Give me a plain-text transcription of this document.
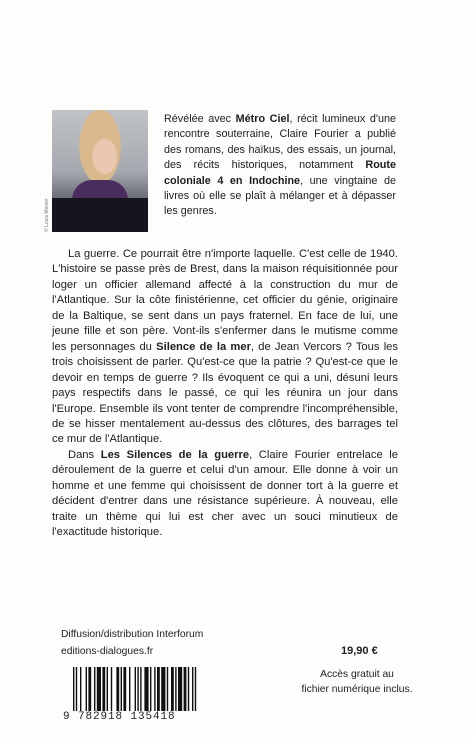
© Louis Monier
Révélée avec Métro Ciel, récit lumineux d'une rencontre souterraine, Claire Fourier a publié des romans, des haïkus, des essais, un journal, des récits historiques, notamment Route coloniale 4 en Indochine, une vingtaine de livres où elle se plaît à mélanger et à dépasser les genres.

La guerre. Ce pourrait être n'importe laquelle. C'est celle de 1940. L'histoire se passe près de Brest, dans la maison réquisitionnée pour loger un officier allemand affecté à la construction du mur de l'Atlantique. Sur la côte finistérienne, cet officier du génie, originaire de la Baltique, se sent dans un pays fraternel. En face de lui, une jeune fille et son père. Vont-ils s'enfermer dans le mutisme comme les personnages du Silence de la mer, de Jean Vercors ? Tous les trois choisissent de parler. Qu'est-ce que la patrie ? Qu'est-ce que le devoir en temps de guerre ? Ils évoquent ce qui a uni, désuni leurs pays respectifs dans le passé, ce qui les réunira un jour dans l'Europe. Ensemble ils vont tenter de comprendre l'incompréhensible, de se hisser mentalement au-dessus des clôtures, des barrages tel ce mur de l'Atlantique.

Dans Les Silences de la guerre, Claire Fourier entrelace le déroulement de la guerre et celui d'un amour. Elle donne à voir un homme et une femme qui choisissent de donner tort à la guerre et décident d'entrer dans une résistance supérieure. À nouveau, elle traite un thème qui lui est cher avec un souci minutieux de l'exactitude historique.

Diffusion/distribution Interforum
editions-dialogues.fr	19,90 €
Accès gratuit au
fichier numérique inclus.
9 782918 135418
